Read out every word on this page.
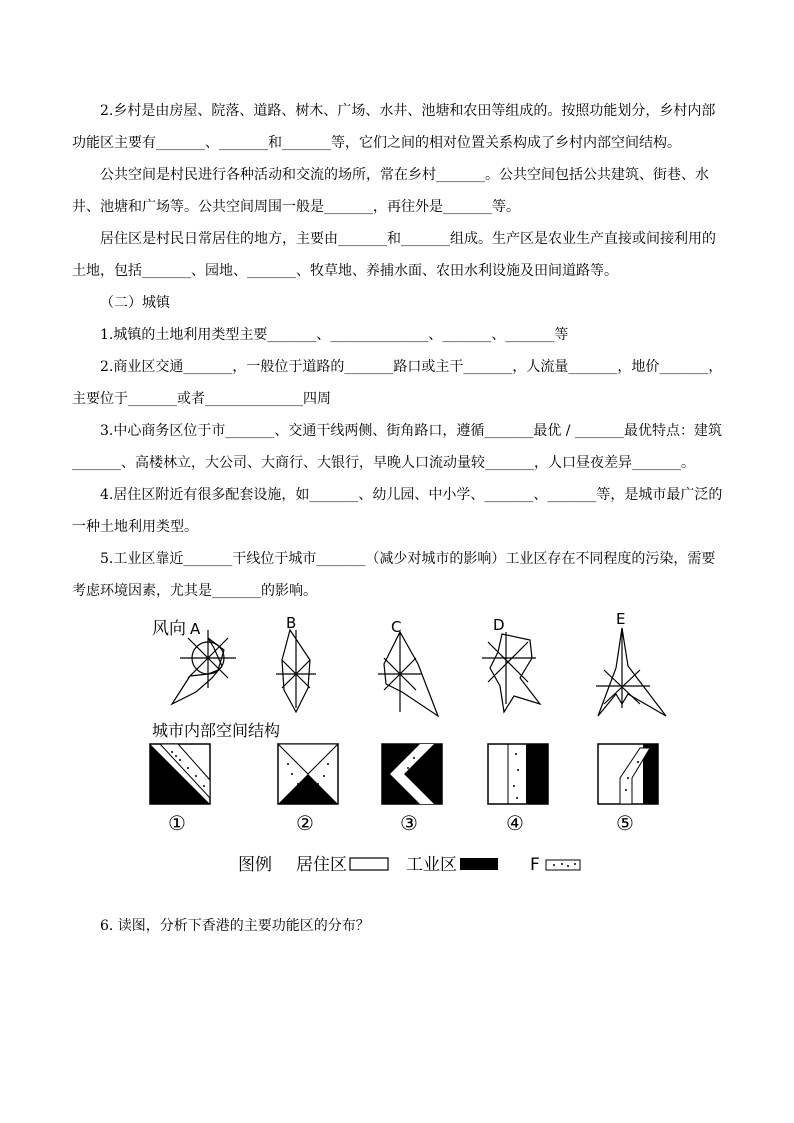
2.乡村是由房屋、院落、道路、树木、广场、水井、池塘和农田等组成的。按照功能划分，乡村内部功能区主要有_______、_______和_______等，它们之间的相对位置关系构成了乡村内部空间结构。

公共空间是村民进行各种活动和交流的场所，常在乡村_______。公共空间包括公共建筑、街巷、水井、池塘和广场等。公共空间周围一般是_______，再往外是_______等。

居住区是村民日常居住的地方，主要由_______和_______组成。生产区是农业生产直接或间接利用的土地，包括_______、园地、_______、牧草地、养捕水面、农田水利设施及田间道路等。

（二）城镇

1.城镇的土地利用类型主要_______、______________、_______、_______等

2.商业区交通_______，一般位于道路的_______路口或主干_______，人流量_______，地价_______，主要位于_______或者______________四周

3.中心商务区位于市_______、交通干线两侧、街角路口，遵循_______最优 / _______最优特点：建筑_______、高楼林立，大公司、大商行、大银行，早晚人口流动量较_______，人口昼夜差异_______。

4.居住区附近有很多配套设施，如_______、幼儿园、中小学、_______、_______等，是城市最广泛的一种土地利用类型。

5.工业区靠近_______干线位于城市_______（减少对城市的影响）工业区存在不同程度的污染，需要考虑环境因素，尤其是_______的影响。

风向 A	B	C	D	E
城市内部空间结构
①	②	③	④	⑤
图例 居住区	工业区	F

6. 读图，分析下香港的主要功能区的分布？
